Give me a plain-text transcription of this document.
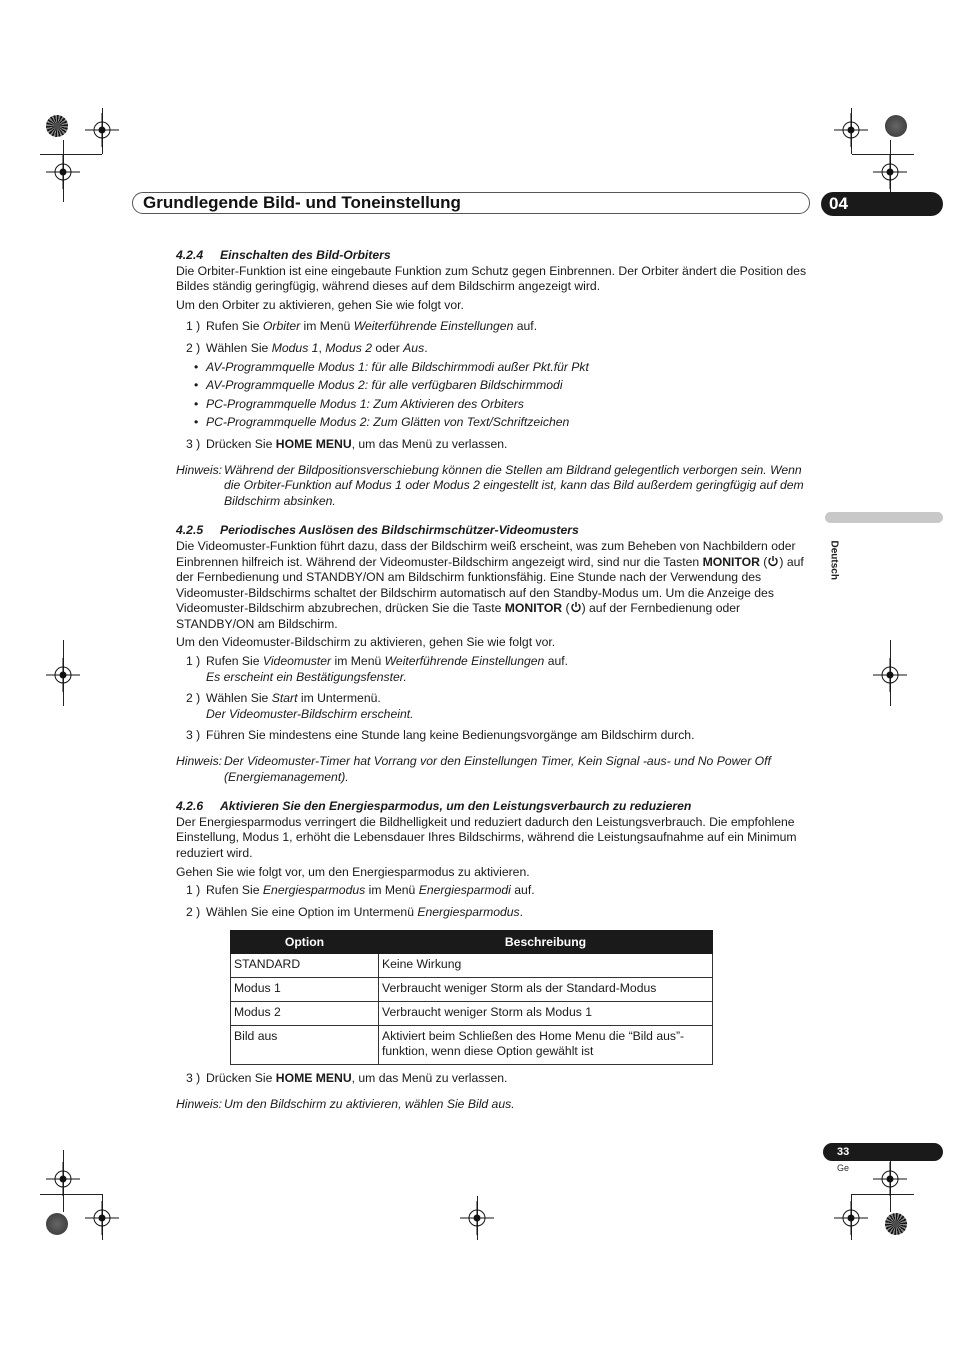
Grundlegende Bild- und Toneinstellung	04
Deutsch

4.2.4 Einschalten des Bild-Orbiters

Die Orbiter-Funktion ist eine eingebaute Funktion zum Schutz gegen Einbrennen. Der Orbiter ändert die Position des Bildes ständig geringfügig, während dieses auf dem Bildschirm angezeigt wird.

Um den Orbiter zu aktivieren, gehen Sie wie folgt vor.

1 ) Rufen Sie Orbiter im Menü Weiterführende Einstellungen auf.

2 ) Wählen Sie Modus 1, Modus 2 oder Aus.

• AV-Programmquelle Modus 1: für alle Bildschirmmodi außer Pkt.für Pkt

• AV-Programmquelle Modus 2: für alle verfügbaren Bildschirmmodi

• PC-Programmquelle Modus 1: Zum Aktivieren des Orbiters

• PC-Programmquelle Modus 2: Zum Glätten von Text/Schriftzeichen

3 ) Drücken Sie HOME MENU, um das Menü zu verlassen.

Hinweis: Während der Bildpositionsverschiebung können die Stellen am Bildrand gelegentlich verborgen sein. Wenn die Orbiter-Funktion auf Modus 1 oder Modus 2 eingestellt ist, kann das Bild außerdem geringfügig auf dem Bildschirm absinken.

4.2.5 Periodisches Auslösen des Bildschirmschützer-Videomusters

Die Videomuster-Funktion führt dazu, dass der Bildschirm weiß erscheint, was zum Beheben von Nachbildern oder Einbrennen hilfreich ist. Während der Videomuster-Bildschirm angezeigt wird, sind nur die Tasten MONITOR ( ) auf der Fernbedienung und STANDBY/ON am Bildschirm funktionsfähig. Eine Stunde nach der Verwendung des Videomuster-Bildschirms schaltet der Bildschirm automatisch auf den Standby-Modus um. Um die Anzeige des Videomuster-Bildschirm abzubrechen, drücken Sie die Taste MONITOR ( ) auf der Fernbedienung oder STANDBY/ON am Bildschirm.

Um den Videomuster-Bildschirm zu aktivieren, gehen Sie wie folgt vor.

1 ) Rufen Sie Videomuster im Menü Weiterführende Einstellungen auf.

Es erscheint ein Bestätigungsfenster.

2 ) Wählen Sie Start im Untermenü.

Der Videomuster-Bildschirm erscheint.

3 ) Führen Sie mindestens eine Stunde lang keine Bedienungsvorgänge am Bildschirm durch.

Hinweis: Der Videomuster-Timer hat Vorrang vor den Einstellungen Timer, Kein Signal -aus- und No Power Off (Energiemanagement).

4.2.6 Aktivieren Sie den Energiesparmodus, um den Leistungsverbaurch zu reduzieren

Der Energiesparmodus verringert die Bildhelligkeit und reduziert dadurch den Leistungsverbrauch. Die empfohlene Einstellung, Modus 1, erhöht die Lebensdauer Ihres Bildschirms, während die Leistungsaufnahme auf ein Minimum reduziert wird.

Gehen Sie wie folgt vor, um den Energiesparmodus zu aktivieren.

1 ) Rufen Sie Energiesparmodus im Menü Energiesparmodi auf.

2 ) Wählen Sie eine Option im Untermenü Energiesparmodus.

Option	Beschreibung
STANDARD	Keine Wirkung
Modus 1	Verbraucht weniger Storm als der Standard-Modus
Modus 2	Verbraucht weniger Storm als Modus 1
Bild aus	Aktiviert beim Schließen des Home Menu die “Bild aus”-funktion, wenn diese Option gewählt ist

3 ) Drücken Sie HOME MENU, um das Menü zu verlassen.

Hinweis: Um den Bildschirm zu aktivieren, wählen Sie Bild aus.

33
Ge
